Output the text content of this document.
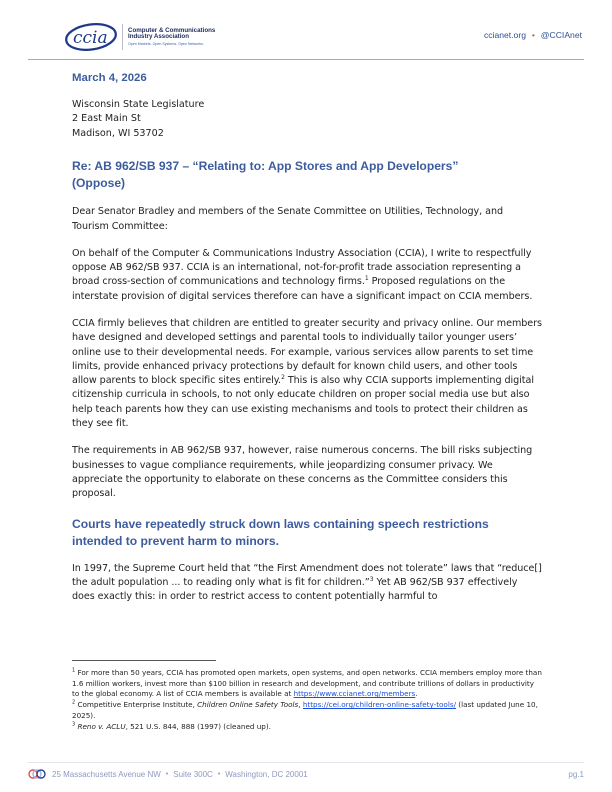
ccia	Computer & Communications
Industry Association
Open Markets. Open Systems. Open Networks.
ccianet.org • @CCIAnet
March 4, 2026
Wisconsin State Legislature
2 East Main St
Madison, WI 53702
Re: AB 962/SB 937 – “Relating to: App Stores and App Developers”
(Oppose)

Dear Senator Bradley and members of the Senate Committee on Utilities, Technology, and Tourism Committee:

On behalf of the Computer & Communications Industry Association (CCIA), I write to respectfully oppose AB 962/SB 937. CCIA is an international, not-for-profit trade association representing a broad cross-section of communications and technology firms.$^1$ Proposed regulations on the interstate provision of digital services therefore can have a significant impact on CCIA members.

CCIA firmly believes that children are entitled to greater security and privacy online. Our members have designed and developed settings and parental tools to individually tailor younger users’ online use to their developmental needs. For example, various services allow parents to set time limits, provide enhanced privacy protections by default for known child users, and other tools allow parents to block specific sites entirely.$^2$ This is also why CCIA supports implementing digital citizenship curricula in schools, to not only educate children on proper social media use but also help teach parents how they can use existing mechanisms and tools to protect their children as they see fit.

The requirements in AB 962/SB 937, however, raise numerous concerns. The bill risks subjecting businesses to vague compliance requirements, while jeopardizing consumer privacy. We appreciate the opportunity to elaborate on these concerns as the Committee considers this proposal.

Courts have repeatedly struck down laws containing speech restrictions intended to prevent harm to minors.

In 1997, the Supreme Court held that “the First Amendment does not tolerate” laws that “reduce[] the adult population ... to reading only what is fit for children.”$^3$ Yet AB 962/SB 937 effectively does exactly this: in order to restrict access to content potentially harmful to

$^1$ For more than 50 years, CCIA has promoted open markets, open systems, and open networks. CCIA members employ more than 1.6 million workers, invest more than $100 billion in research and development, and contribute trillions of dollars in productivity to the global economy. A list of CCIA members is available at https://www.ccianet.org/members.
$^2$ Competitive Enterprise Institute, Children Online Safety Tools, https://cei.org/children-online-safety-tools/ (last updated June 10, 2025).
$^3$ Reno v. ACLU, 521 U.S. 844, 888 (1997) (cleaned up).
25 Massachusetts Avenue NW • Suite 300C • Washington, DC 20001	pg.1
